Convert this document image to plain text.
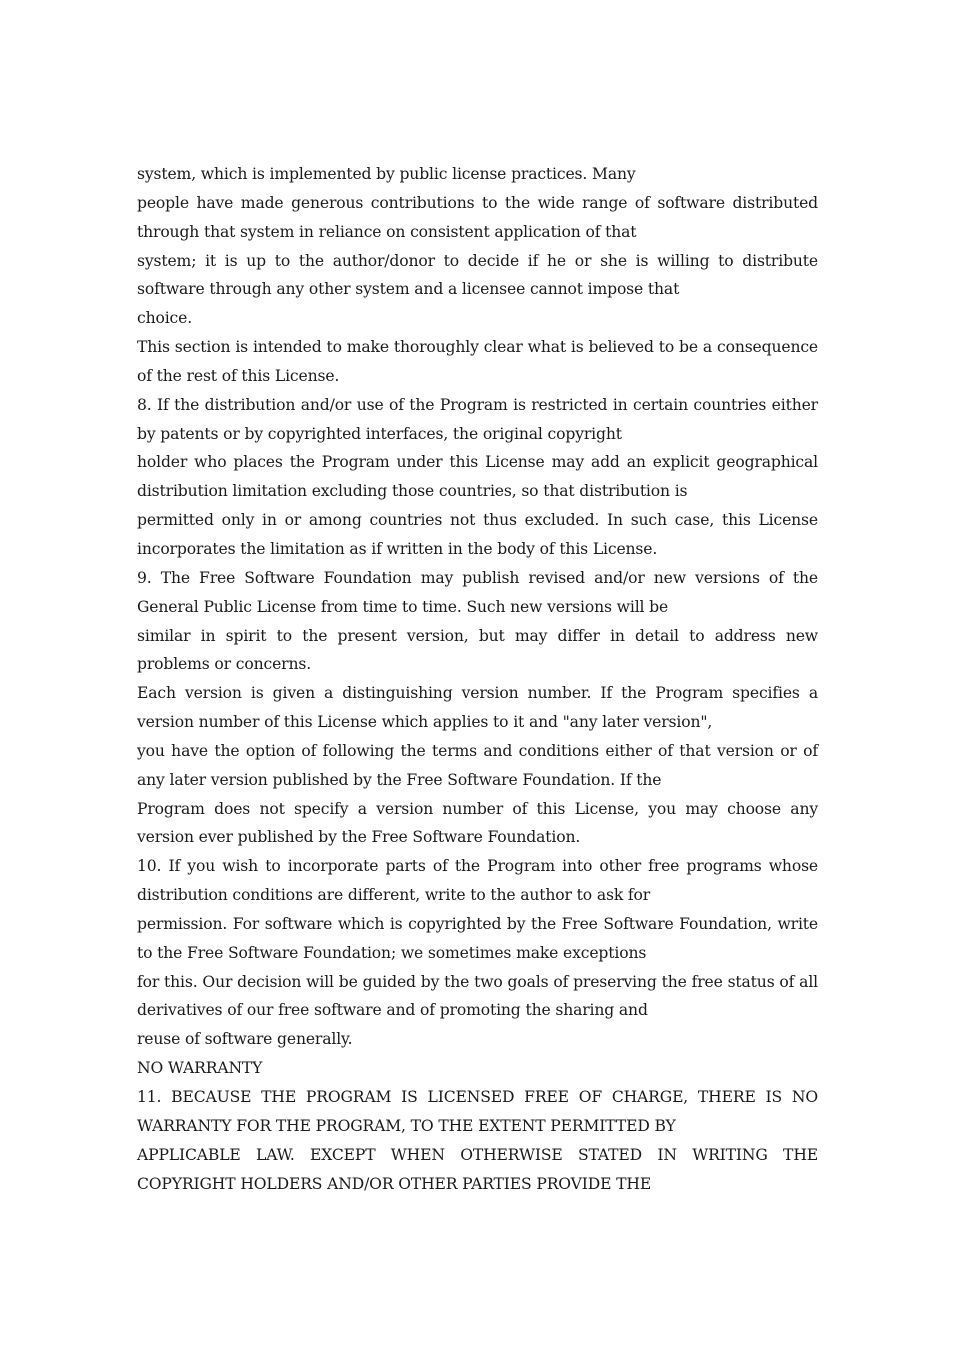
system, which is implemented by public license practices. Many

people have made generous contributions to the wide range of software distributed through that system in reliance on consistent application of that

system; it is up to the author/donor to decide if he or she is willing to distribute software through any other system and a licensee cannot impose that

choice.

This section is intended to make thoroughly clear what is believed to be a consequence of the rest of this License.

8. If the distribution and/or use of the Program is restricted in certain countries either by patents or by copyrighted interfaces, the original copyright

holder who places the Program under this License may add an explicit geographical distribution limitation excluding those countries, so that distribution is

permitted only in or among countries not thus excluded. In such case, this License incorporates the limitation as if written in the body of this License.

9. The Free Software Foundation may publish revised and/or new versions of the General Public License from time to time. Such new versions will be

similar in spirit to the present version, but may differ in detail to address new problems or concerns.

Each version is given a distinguishing version number. If the Program specifies a version number of this License which applies to it and "any later version",

you have the option of following the terms and conditions either of that version or of any later version published by the Free Software Foundation. If the

Program does not specify a version number of this License, you may choose any version ever published by the Free Software Foundation.

10. If you wish to incorporate parts of the Program into other free programs whose distribution conditions are different, write to the author to ask for

permission. For software which is copyrighted by the Free Software Foundation, write to the Free Software Foundation; we sometimes make exceptions

for this. Our decision will be guided by the two goals of preserving the free status of all derivatives of our free software and of promoting the sharing and

reuse of software generally.

NO WARRANTY

11. BECAUSE THE PROGRAM IS LICENSED FREE OF CHARGE, THERE IS NO WARRANTY FOR THE PROGRAM, TO THE EXTENT PERMITTED BY

APPLICABLE LAW. EXCEPT WHEN OTHERWISE STATED IN WRITING THE COPYRIGHT HOLDERS AND/OR OTHER PARTIES PROVIDE THE
